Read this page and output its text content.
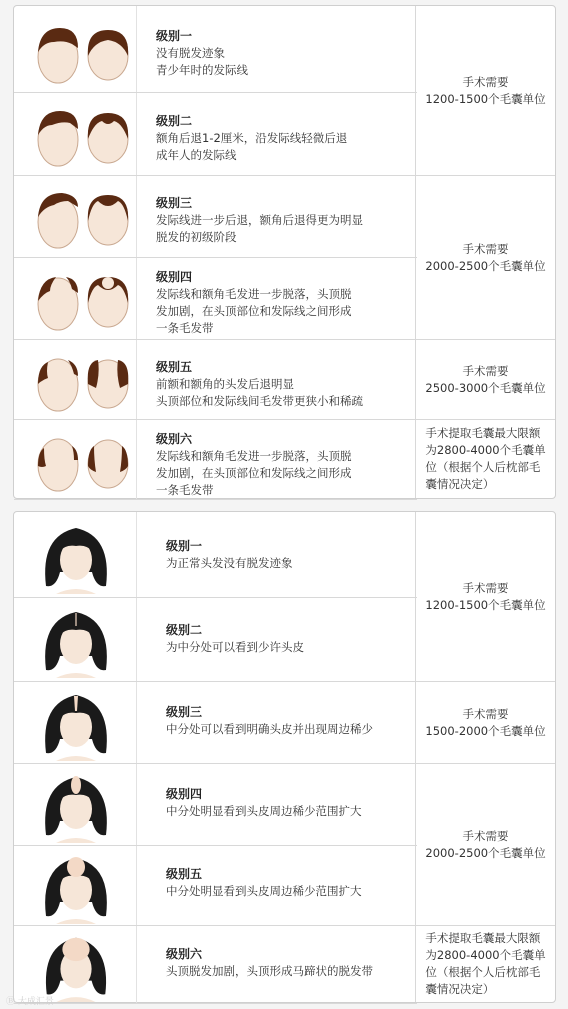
级别一
没有脱发迹象
青少年时的发际线
级别二
额角后退1-2厘米，沿发际线轻微后退
成年人的发际线
级别三
发际线进一步后退，额角后退得更为明显
脱发的初级阶段
级别四
发际线和额角毛发进一步脱落，头顶脱
发加剧，在头顶部位和发际线之间形成
一条毛发带
级别五
前额和额角的头发后退明显
头顶部位和发际线间毛发带更狭小和稀疏
级别六
发际线和额角毛发进一步脱落，头顶脱
发加剧，在头顶部位和发际线之间形成
一条毛发带
手术需要
1200-1500个毛囊单位
手术需要
2000-2500个毛囊单位
手术需要
2500-3000个毛囊单位
手术提取毛囊最大限额
为2800-4000个毛囊单
位（根据个人后枕部毛
囊情况决定）
级别一
为正常头发没有脱发迹象
级别二
为中分处可以看到少许头皮
级别三
中分处可以看到明确头皮并出现周边稀少
级别四
中分处明显看到头皮周边稀少范围扩大
级别五
中分处明显看到头皮周边稀少范围扩大
级别六
头顶脱发加剧，头顶形成马蹄状的脱发带
手术需要
1200-1500个毛囊单位
手术需要
1500-2000个毛囊单位
手术需要
2000-2500个毛囊单位
手术提取毛囊最大限额
为2800-4000个毛囊单
位（根据个人后枕部毛
囊情况决定）
Ⓑ 大成汇景
